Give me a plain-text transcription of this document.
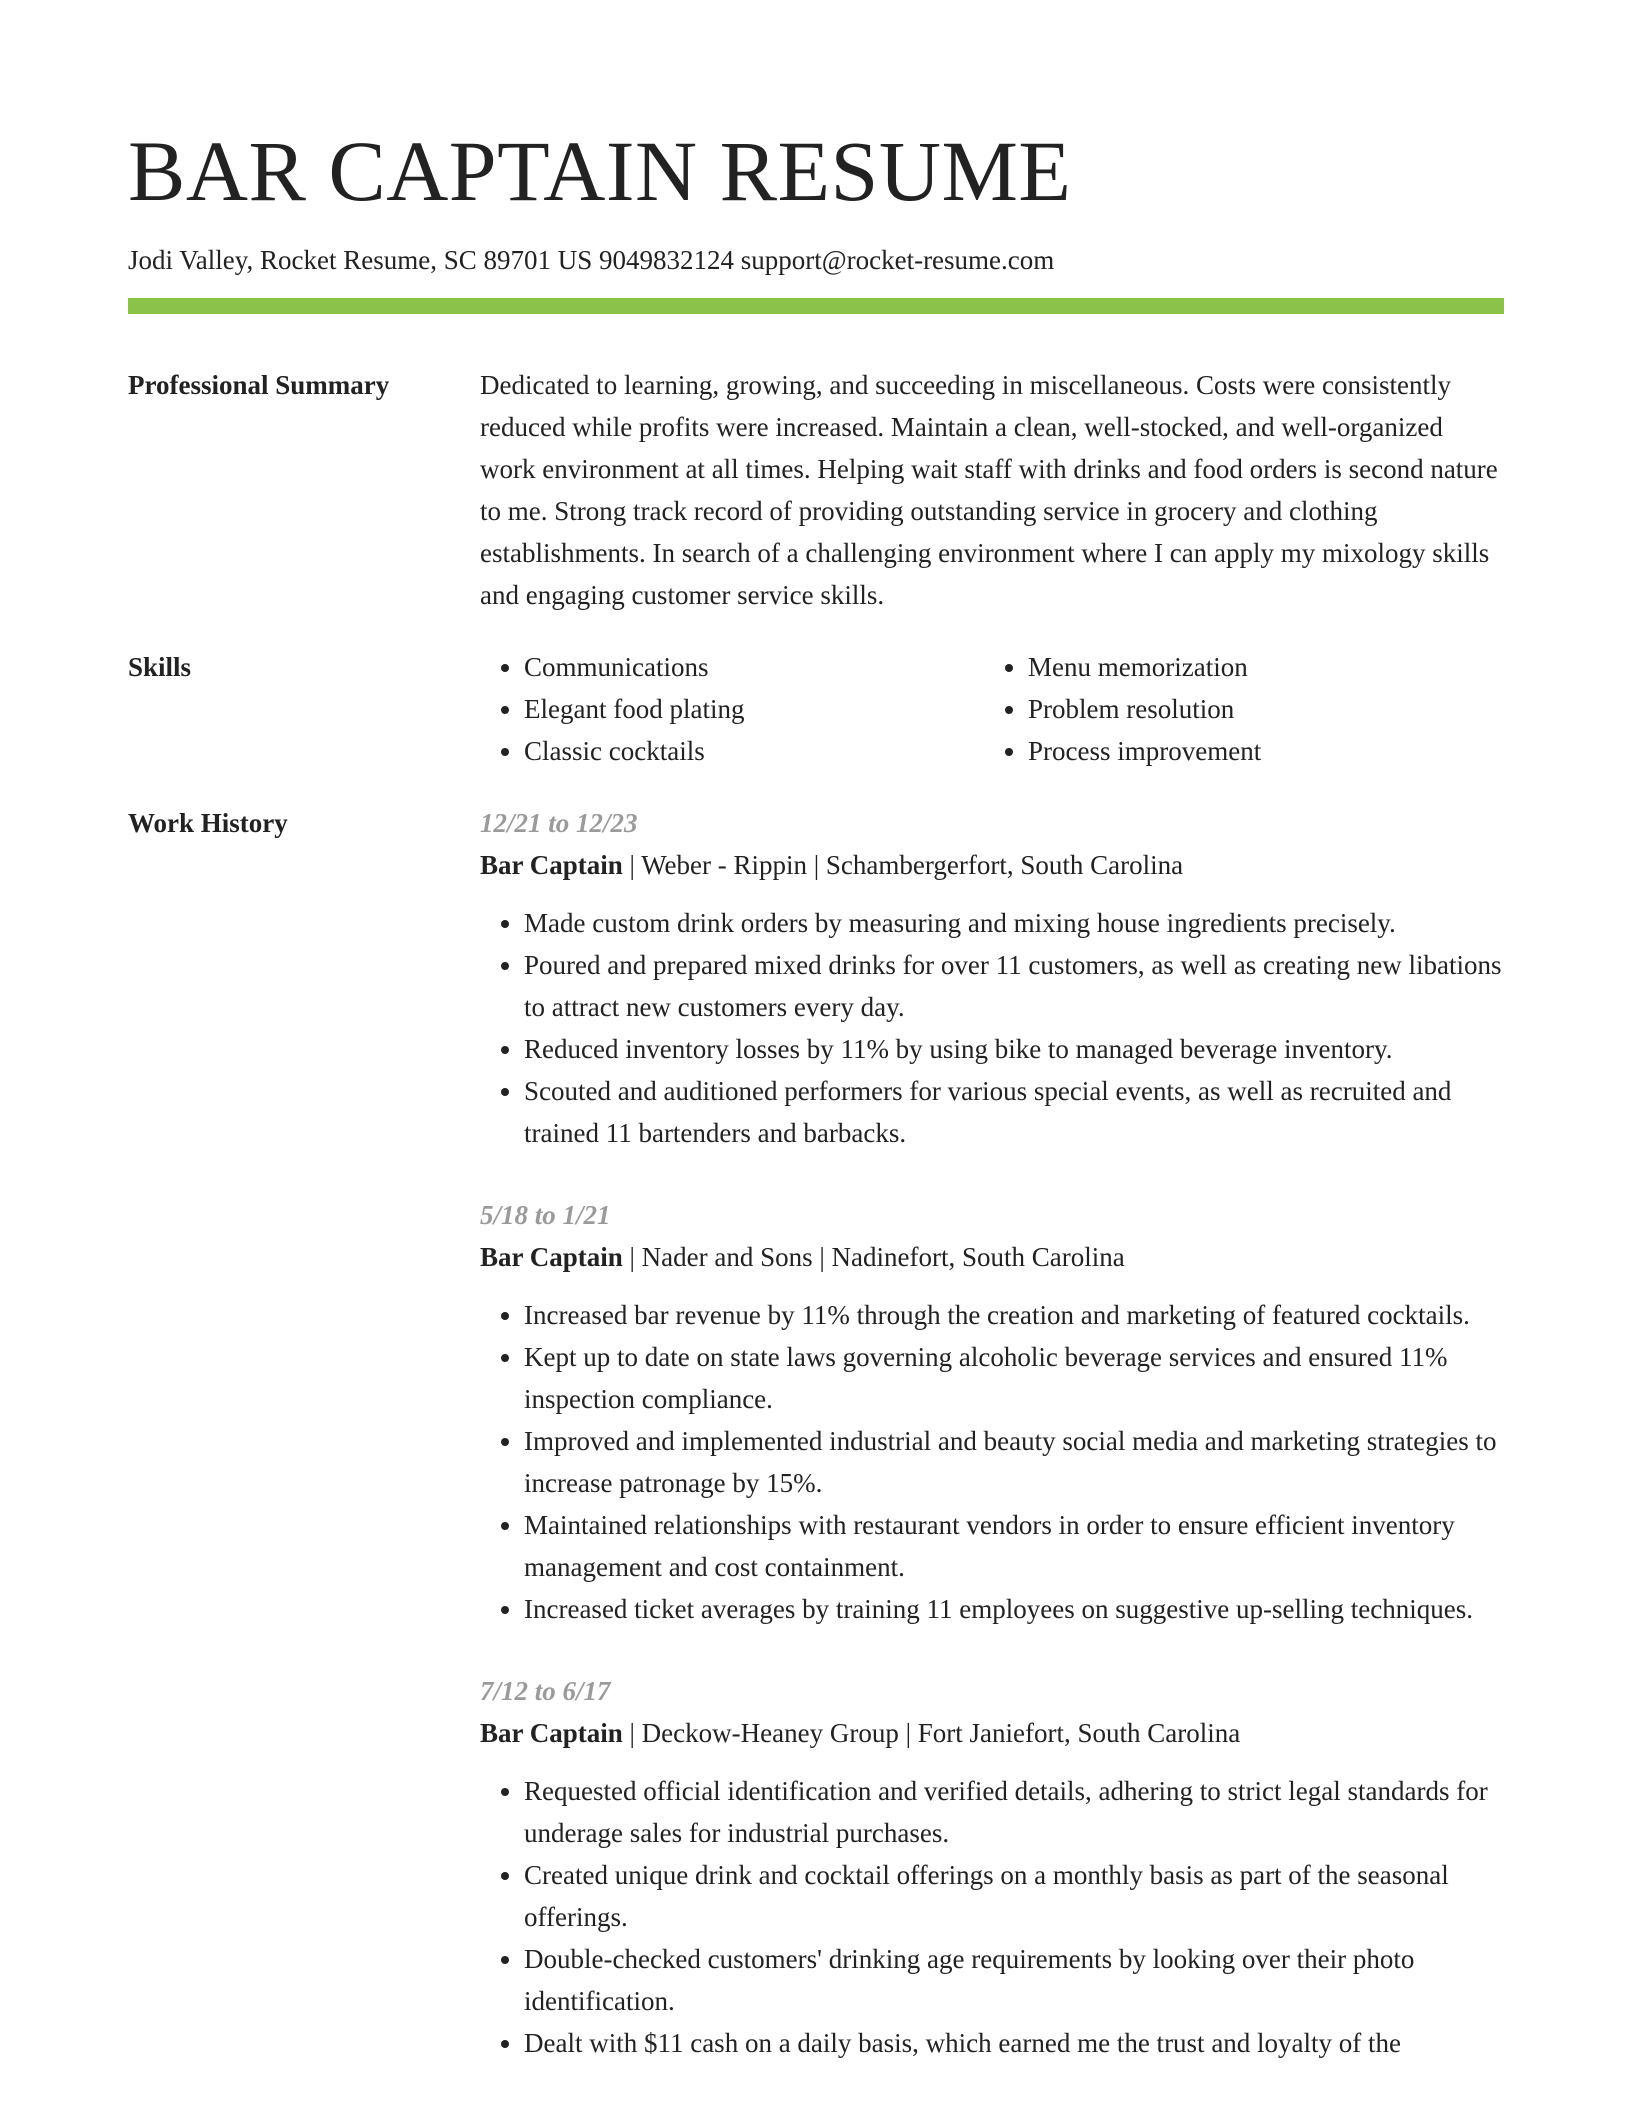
BAR CAPTAIN RESUME
Jodi Valley, Rocket Resume, SC 89701 US 9049832124 support@rocket-resume.com
Professional Summary	Dedicated to learning, growing, and succeeding in miscellaneous. Costs were consistently reduced while profits were increased. Maintain a clean, well-stocked, and well-organized work environment at all times. Helping wait staff with drinks and food orders is second nature to me. Strong track record of providing outstanding service in grocery and clothing establishments. In search of a challenging environment where I can apply my mixology skills and engaging customer service skills.
Skills
•	Communications
• Elegant food plating
• Classic cocktails
• Menu memorization
• Problem resolution
• Process improvement
Work History	12/21 to 12/23
Bar Captain | Weber - Rippin | Schambergerfort, South Carolina
• Made custom drink orders by measuring and mixing house ingredients precisely.
• Poured and prepared mixed drinks for over 11 customers, as well as creating new libations to attract new customers every day.
• Reduced inventory losses by 11% by using bike to managed beverage inventory.
• Scouted and auditioned performers for various special events, as well as recruited and trained 11 bartenders and barbacks.
5/18 to 1/21
Bar Captain | Nader and Sons | Nadinefort, South Carolina
• Increased bar revenue by 11% through the creation and marketing of featured cocktails.
• Kept up to date on state laws governing alcoholic beverage services and ensured 11% inspection compliance.
• Improved and implemented industrial and beauty social media and marketing strategies to increase patronage by 15%.
• Maintained relationships with restaurant vendors in order to ensure efficient inventory management and cost containment.
• Increased ticket averages by training 11 employees on suggestive up-selling techniques.
7/12 to 6/17
Bar Captain | Deckow-Heaney Group | Fort Janiefort, South Carolina
• Requested official identification and verified details, adhering to strict legal standards for underage sales for industrial purchases.
• Created unique drink and cocktail offerings on a monthly basis as part of the seasonal offerings.
• Double-checked customers' drinking age requirements by looking over their photo identification.
• Dealt with $11 cash on a daily basis, which earned me the trust and loyalty of the
